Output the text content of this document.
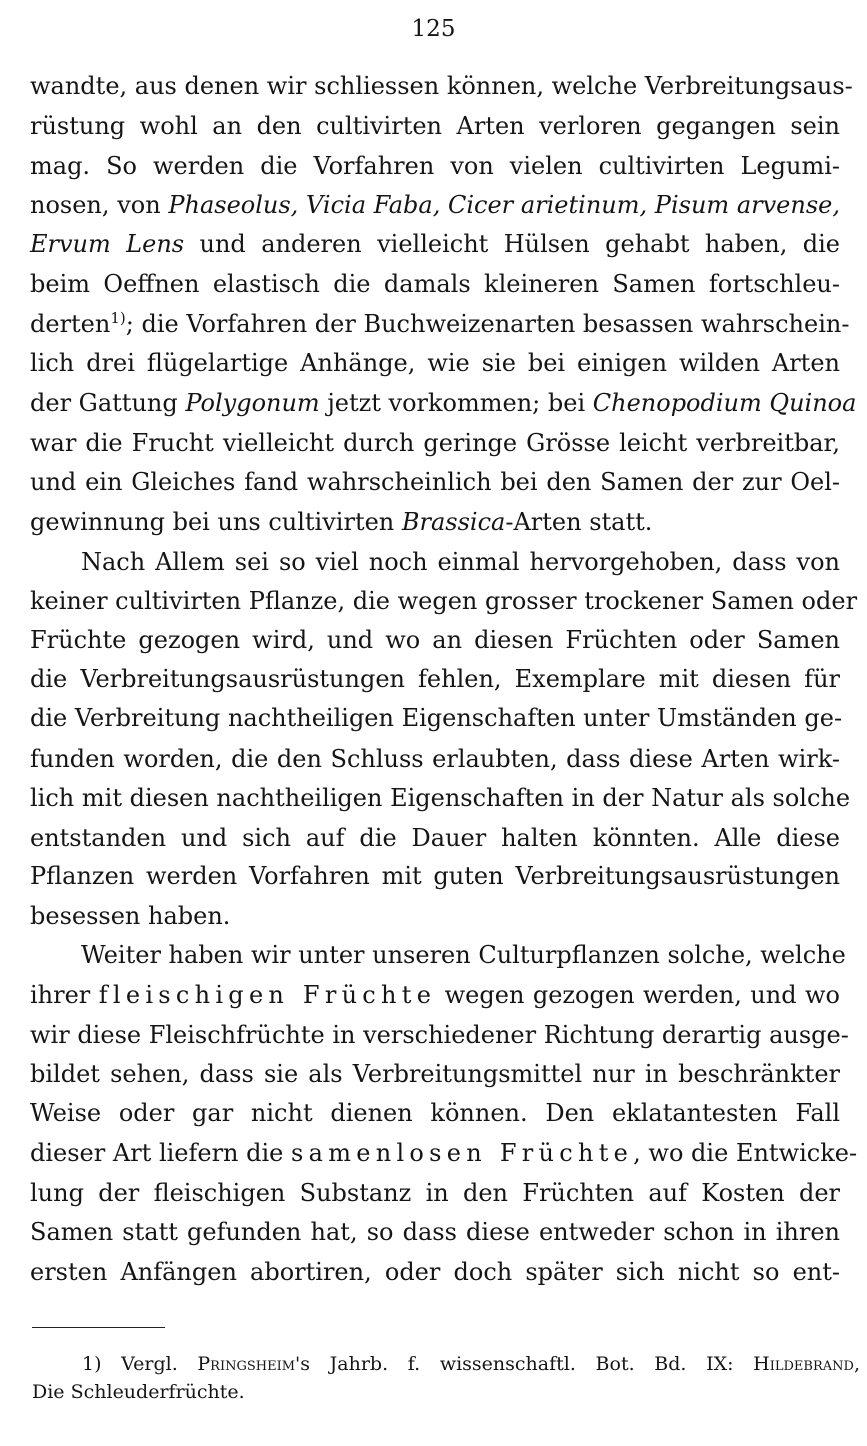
125
wandte, aus denen wir schliessen können, welche Verbreitungsaus-
rüstung wohl an den cultivirten Arten verloren gegangen sein
mag. So werden die Vorfahren von vielen cultivirten Legumi-
nosen, von Phaseolus, Vicia Faba, Cicer arietinum, Pisum arvense,
Ervum Lens und anderen vielleicht Hülsen gehabt haben, die
beim Oeffnen elastisch die damals kleineren Samen fortschleu-
derten$^{1)}$; die Vorfahren der Buchweizenarten besassen wahrschein-
lich drei flügelartige Anhänge, wie sie bei einigen wilden Arten
der Gattung Polygonum jetzt vorkommen; bei Chenopodium Quinoa
war die Frucht vielleicht durch geringe Grösse leicht verbreitbar,
und ein Gleiches fand wahrscheinlich bei den Samen der zur Oel-
gewinnung bei uns cultivirten Brassica-Arten statt.
Nach Allem sei so viel noch einmal hervorgehoben, dass von
keiner cultivirten Pflanze, die wegen grosser trockener Samen oder
Früchte gezogen wird, und wo an diesen Früchten oder Samen
die Verbreitungsausrüstungen fehlen, Exemplare mit diesen für
die Verbreitung nachtheiligen Eigenschaften unter Umständen ge-
funden worden, die den Schluss erlaubten, dass diese Arten wirk-
lich mit diesen nachtheiligen Eigenschaften in der Natur als solche
entstanden und sich auf die Dauer halten könnten. Alle diese
Pflanzen werden Vorfahren mit guten Verbreitungsausrüstungen
besessen haben.
Weiter haben wir unter unseren Culturpflanzen solche, welche
ihrer fleischigen Früchte wegen gezogen werden, und wo
wir diese Fleischfrüchte in verschiedener Richtung derartig ausge-
bildet sehen, dass sie als Verbreitungsmittel nur in beschränkter
Weise oder gar nicht dienen können. Den eklatantesten Fall
dieser Art liefern die samenlosen Früchte, wo die Entwicke-
lung der fleischigen Substanz in den Früchten auf Kosten der
Samen statt gefunden hat, so dass diese entweder schon in ihren
ersten Anfängen abortiren, oder doch später sich nicht so ent-
1) Vergl. Pringsheim's Jahrb. f. wissenschaftl. Bot. Bd. IX: Hildebrand,
Die Schleuderfrüchte.
